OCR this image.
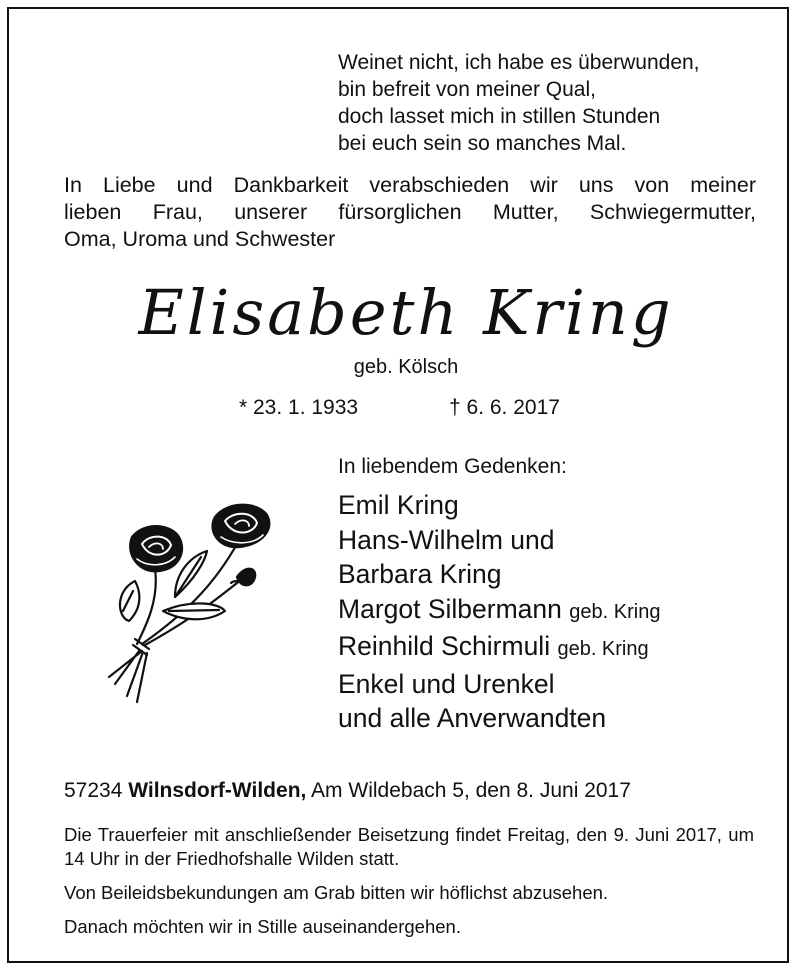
Weinet nicht, ich habe es überwunden,
bin befreit von meiner Qual,
doch lasset mich in stillen Stunden
bei euch sein so manches Mal.
In Liebe und Dankbarkeit verabschieden wir uns von meiner
lieben Frau, unserer fürsorglichen Mutter, Schwiegermutter,
Oma, Uroma und Schwester
Elisabeth Kring
geb. Kölsch
* 23. 1. 1933	† 6. 6. 2017
In liebendem Gedenken:
Emil Kring
Hans-Wilhelm und
Barbara Kring
Margot Silbermann geb. Kring
Reinhild Schirmuli geb. Kring
Enkel und Urenkel
und alle Anverwandten
57234 Wilnsdorf-Wilden, Am Wildebach 5, den 8. Juni 2017

Die Trauerfeier mit anschließender Beisetzung findet Freitag, den 9. Juni 2017, um 14 Uhr in der Friedhofshalle Wilden statt.

Von Beileidsbekundungen am Grab bitten wir höflichst abzusehen.

Danach möchten wir in Stille auseinandergehen.
